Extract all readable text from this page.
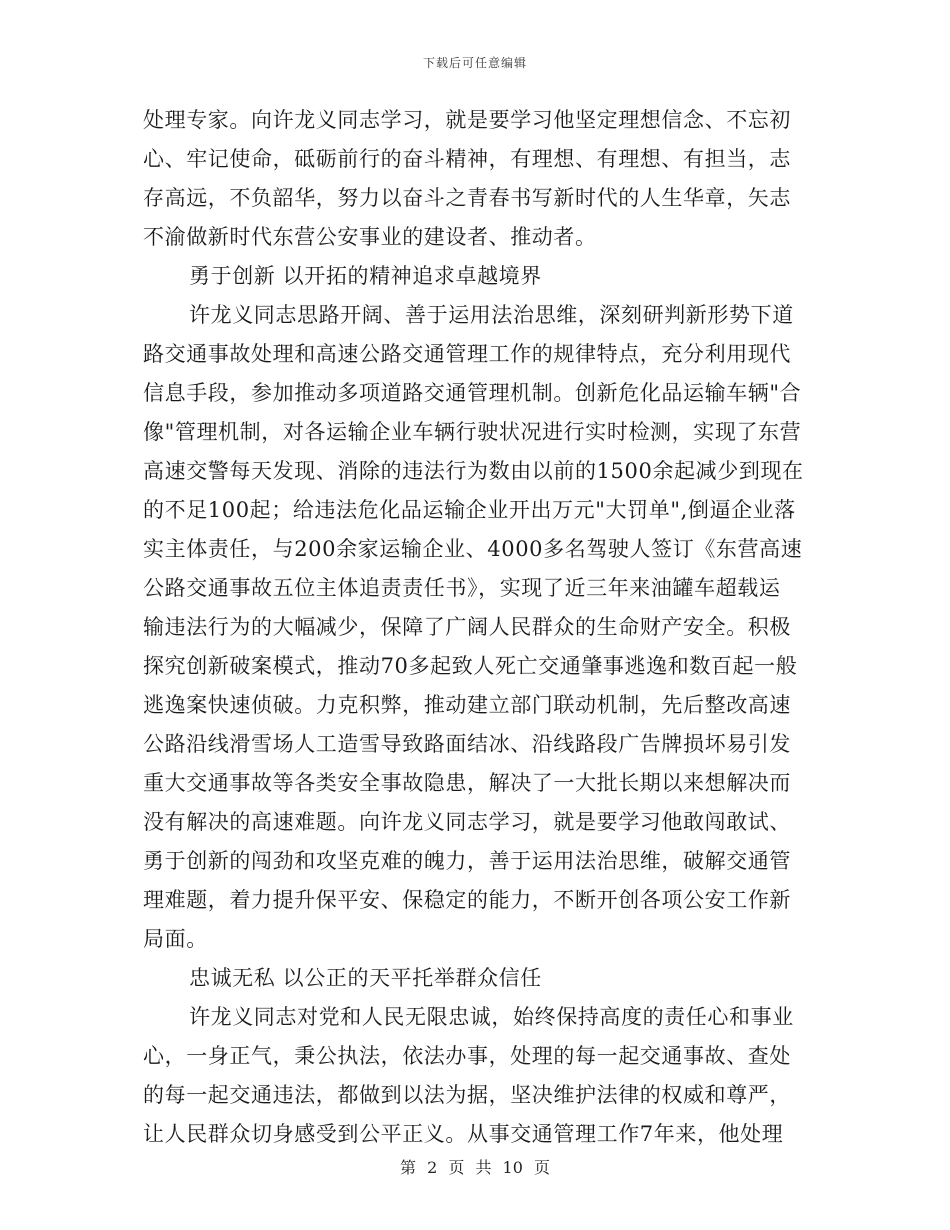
下载后可任意编辑
处理专家。向许龙义同志学习，就是要学习他坚定理想信念、不忘初
心、牢记使命，砥砺前行的奋斗精神，有理想、有理想、有担当，志
存高远，不负韶华，努力以奋斗之青春书写新时代的人生华章，矢志
不渝做新时代东营公安事业的建设者、推动者。
勇于创新 以开拓的精神追求卓越境界
许龙义同志思路开阔、善于运用法治思维，深刻研判新形势下道
路交通事故处理和高速公路交通管理工作的规律特点，充分利用现代
信息手段，参加推动多项道路交通管理机制。创新危化品运输车辆"合
像"管理机制，对各运输企业车辆行驶状况进行实时检测，实现了东营
高速交警每天发现、消除的违法行为数由以前的1500余起减少到现在
的不足100起；给违法危化品运输企业开出万元"大罚单",倒逼企业落
实主体责任，与200余家运输企业、4000多名驾驶人签订《东营高速
公路交通事故五位主体追责责任书》，实现了近三年来油罐车超载运
输违法行为的大幅减少，保障了广阔人民群众的生命财产安全。积极
探究创新破案模式，推动70多起致人死亡交通肇事逃逸和数百起一般
逃逸案快速侦破。力克积弊，推动建立部门联动机制，先后整改高速
公路沿线滑雪场人工造雪导致路面结冰、沿线路段广告牌损坏易引发
重大交通事故等各类安全事故隐患，解决了一大批长期以来想解决而
没有解决的高速难题。向许龙义同志学习，就是要学习他敢闯敢试、
勇于创新的闯劲和攻坚克难的魄力，善于运用法治思维，破解交通管
理难题，着力提升保平安、保稳定的能力，不断开创各项公安工作新
局面。
忠诚无私 以公正的天平托举群众信任
许龙义同志对党和人民无限忠诚，始终保持高度的责任心和事业
心，一身正气，秉公执法，依法办事，处理的每一起交通事故、查处
的每一起交通违法，都做到以法为据，坚决维护法律的权威和尊严，
让人民群众切身感受到公平正义。从事交通管理工作7年来，他处理
第 2 页 共 10 页
